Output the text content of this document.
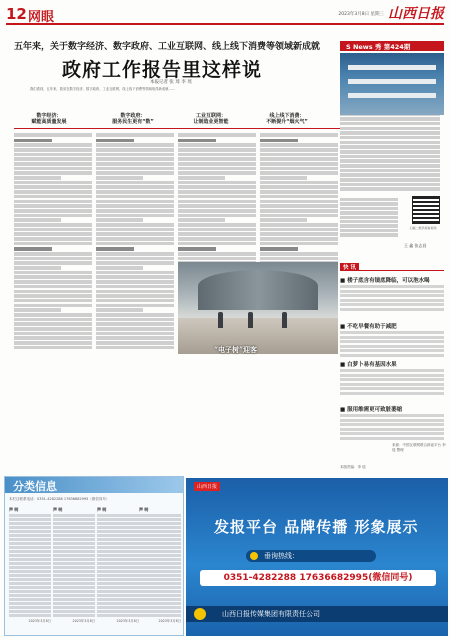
12 网眼	2023年3月8日 星期三 山西日报
五年来，关于数字经济、数字政府、工业互联网、线上线下消费等领域新成就
政府工作报告里这样说
本报记者 张 琦 李 瑶
我们看到，五年来，我省在数字经济、数字政府、工业互联网、线上线下消费等领域取得新成就……
数字经济：
赋能高质量发展
数字政府：
服务民生更有“数”
工业互联网：
让制造业更智能
线上线下消费：
不断提升“烟火气”
“电子树”迎客
S News 秀 第424期
扫描二维码观看视频
王 鑫 张志昌
快 讯
■ 楼子底含有镜底降临，可以泡水喝
■ 不吃早餐有助于减肥
■ 白萝卜易有基因水果
■ 服用维需更可致脏萎缩
来源：中国互联网联合辟谣平台 李 瑶 整理
本版责编：李 瑶
分类信息
本栏目联系电话：0351-4282288 17636682995（微信同号）
声 明
2023年3月8日
声 明
2023年3月8日
声 明
2023年3月8日
声 明
2023年3月8日
山西日报
发报平台 品牌传播 形象展示
垂询热线：
0351-4282288 17636682995(微信同号)
山西日报传媒集团有限责任公司
